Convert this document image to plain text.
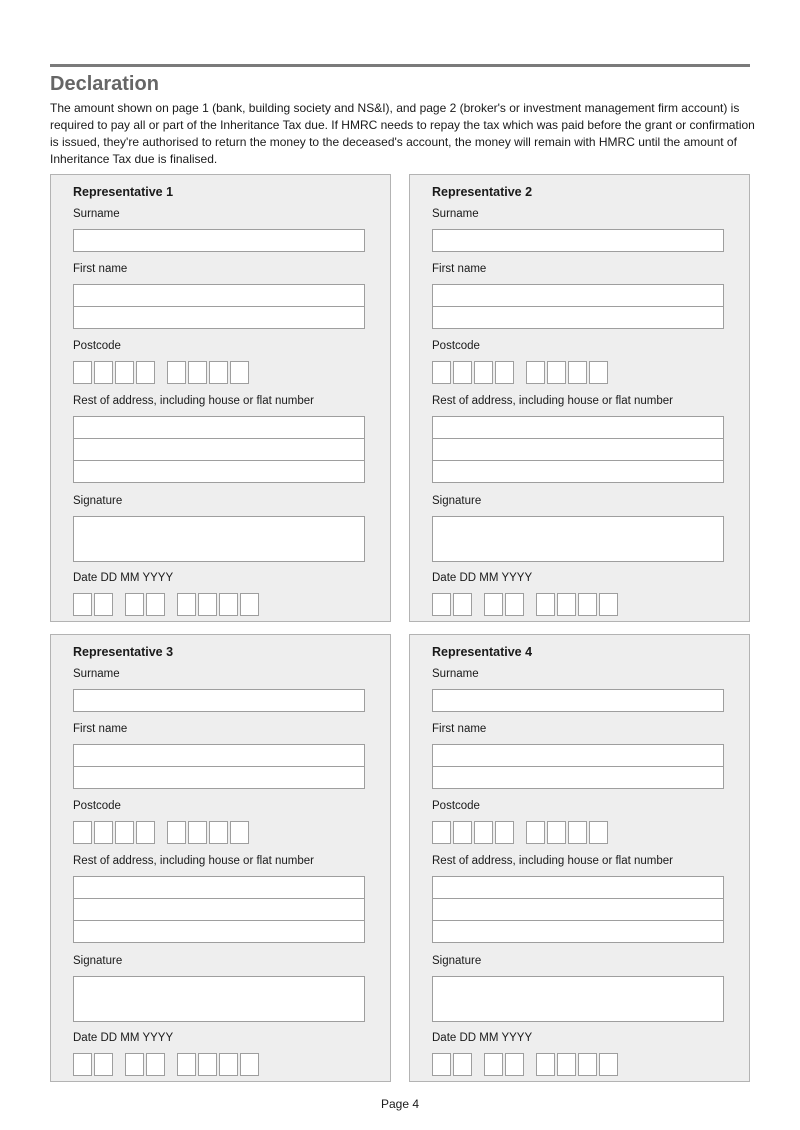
Declaration

The amount shown on page 1 (bank, building society and NS&I), and page 2 (broker's or investment management firm account) is required to pay all or part of the Inheritance Tax due. If HMRC needs to repay the tax which was paid before the grant or confirmation is issued, they're authorised to return the money to the deceased's account, the money will remain with HMRC until the amount of Inheritance Tax due is finalised.

Representative 1
Surname
First name
Postcode
Rest of address, including house or flat number
Signature
Date DD MM YYYY
Representative 2
Surname
First name
Postcode
Rest of address, including house or flat number
Signature
Date DD MM YYYY
Representative 3
Surname
First name
Postcode
Rest of address, including house or flat number
Signature
Date DD MM YYYY
Representative 4
Surname
First name
Postcode
Rest of address, including house or flat number
Signature
Date DD MM YYYY
Page 4
